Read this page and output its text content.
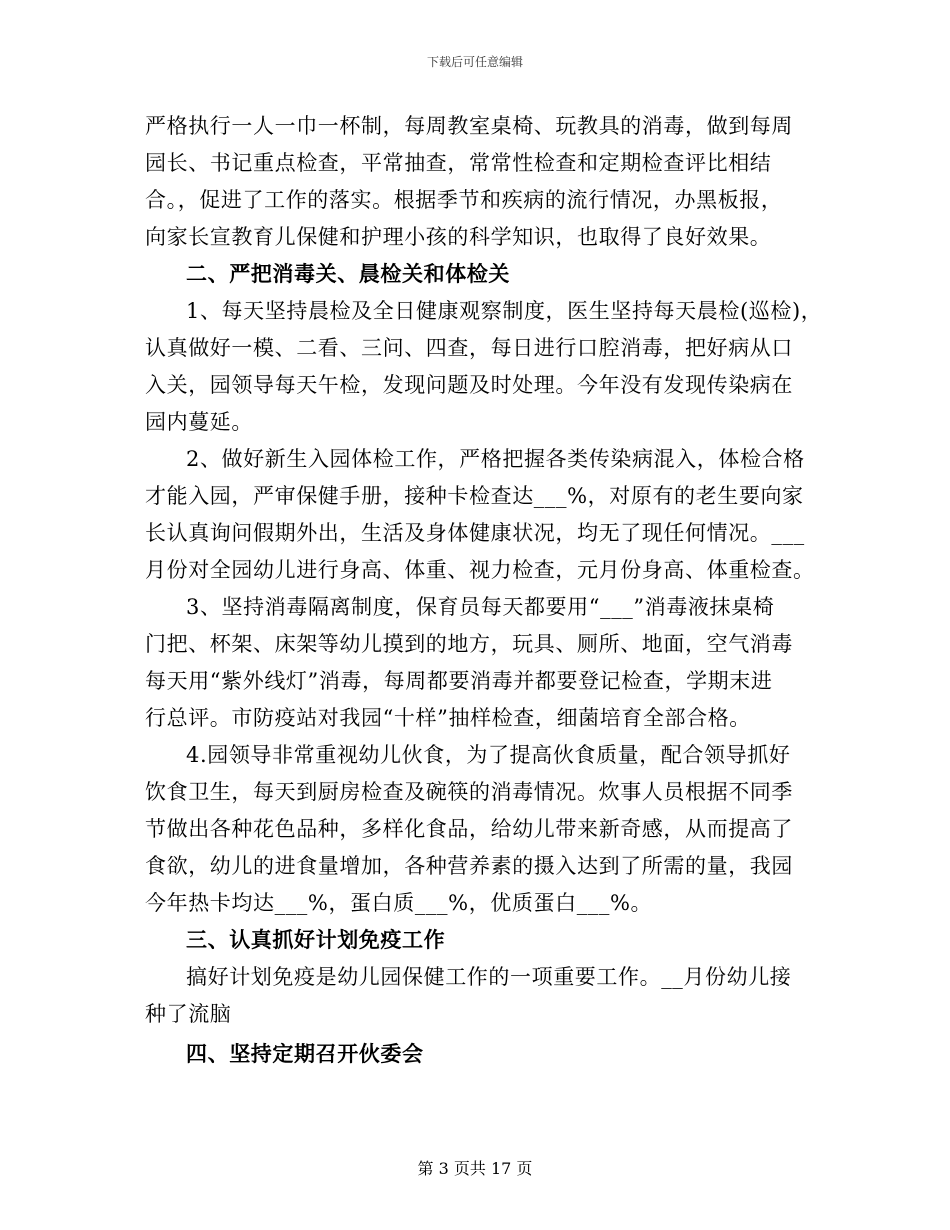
下载后可任意编辑
严格执行一人一巾一杯制，每周教室桌椅、玩教具的消毒，做到每周
园长、书记重点检查，平常抽查，常常性检查和定期检查评比相结
合。，促进了工作的落实。根据季节和疾病的流行情况，办黑板报，
向家长宣教育儿保健和护理小孩的科学知识，也取得了良好效果。
二、严把消毒关、晨检关和体检关
1、每天坚持晨检及全日健康观察制度，医生坚持每天晨检(巡检)，
认真做好一模、二看、三问、四查，每日进行口腔消毒，把好病从口
入关，园领导每天午检，发现问题及时处理。今年没有发现传染病在
园内蔓延。
2、做好新生入园体检工作，严格把握各类传染病混入，体检合格
才能入园，严审保健手册，接种卡检查达___%，对原有的老生要向家
长认真询问假期外出，生活及身体健康状况，均无了现任何情况。___
月份对全园幼儿进行身高、体重、视力检查，元月份身高、体重检查。
3、坚持消毒隔离制度，保育员每天都要用“___”消毒液抹桌椅
门把、杯架、床架等幼儿摸到的地方，玩具、厕所、地面，空气消毒
每天用“紫外线灯”消毒，每周都要消毒并都要登记检查，学期末进
行总评。市防疫站对我园“十样”抽样检查，细菌培育全部合格。
4.园领导非常重视幼儿伙食，为了提高伙食质量，配合领导抓好
饮食卫生，每天到厨房检查及碗筷的消毒情况。炊事人员根据不同季
节做出各种花色品种，多样化食品，给幼儿带来新奇感，从而提高了
食欲，幼儿的进食量增加，各种营养素的摄入达到了所需的量，我园
今年热卡均达___%，蛋白质___%，优质蛋白___%。
三、认真抓好计划免疫工作
搞好计划免疫是幼儿园保健工作的一项重要工作。__月份幼儿接
种了流脑
四、坚持定期召开伙委会
第 3 页共 17 页
